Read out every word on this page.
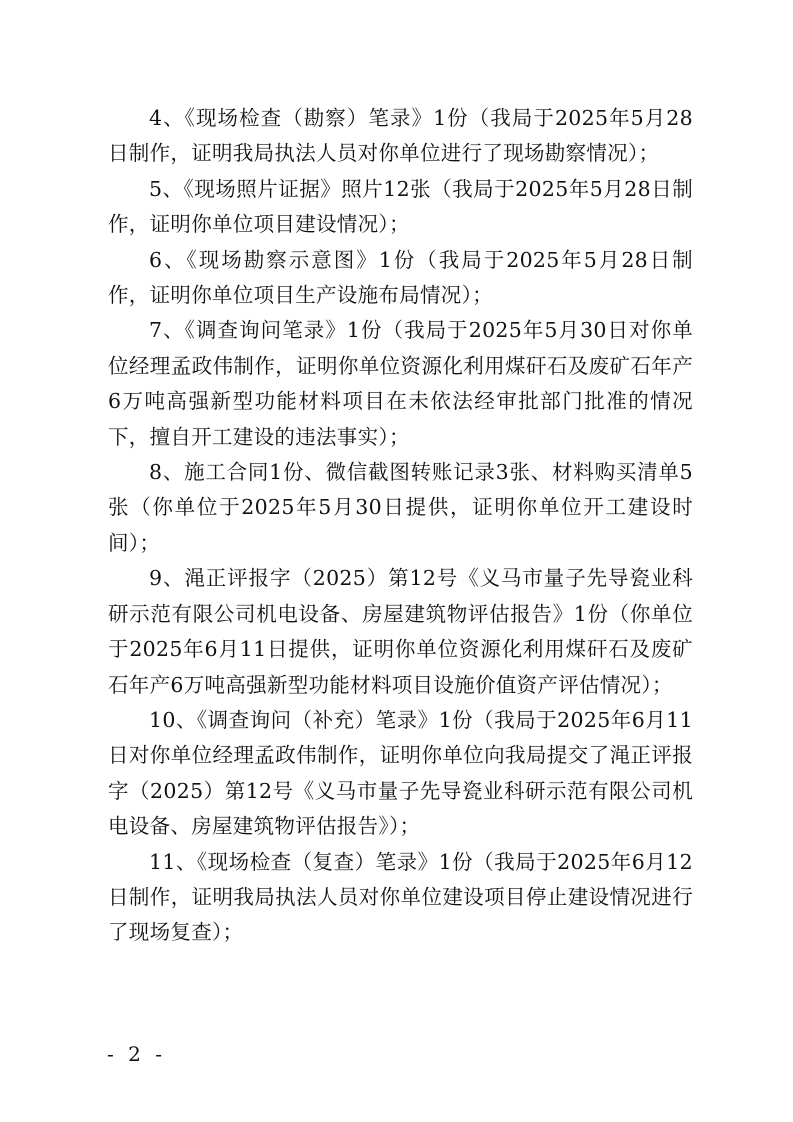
4、《现场检查（勘察）笔录》1份（我局于2025年5月28日制作，证明我局执法人员对你单位进行了现场勘察情况）；

5、《现场照片证据》照片12张（我局于2025年5月28日制作，证明你单位项目建设情况）；

6、《现场勘察示意图》1份（我局于2025年5月28日制作，证明你单位项目生产设施布局情况）；

7、《调查询问笔录》1份（我局于2025年5月30日对你单位经理孟政伟制作，证明你单位资源化利用煤矸石及废矿石年产6万吨高强新型功能材料项目在未依法经审批部门批准的情况下，擅自开工建设的违法事实）；

8、施工合同1份、微信截图转账记录3张、材料购买清单5张（你单位于2025年5月30日提供，证明你单位开工建设时间）；

9、渑正评报字（2025）第12号《义马市量子先导瓷业科研示范有限公司机电设备、房屋建筑物评估报告》1份（你单位于2025年6月11日提供，证明你单位资源化利用煤矸石及废矿石年产6万吨高强新型功能材料项目设施价值资产评估情况）；

10、《调查询问（补充）笔录》1份（我局于2025年6月11日对你单位经理孟政伟制作，证明你单位向我局提交了渑正评报字（2025）第12号《义马市量子先导瓷业科研示范有限公司机电设备、房屋建筑物评估报告》）；

11、《现场检查（复查）笔录》1份（我局于2025年6月12日制作，证明我局执法人员对你单位建设项目停止建设情况进行了现场复查）；

- 2 -
